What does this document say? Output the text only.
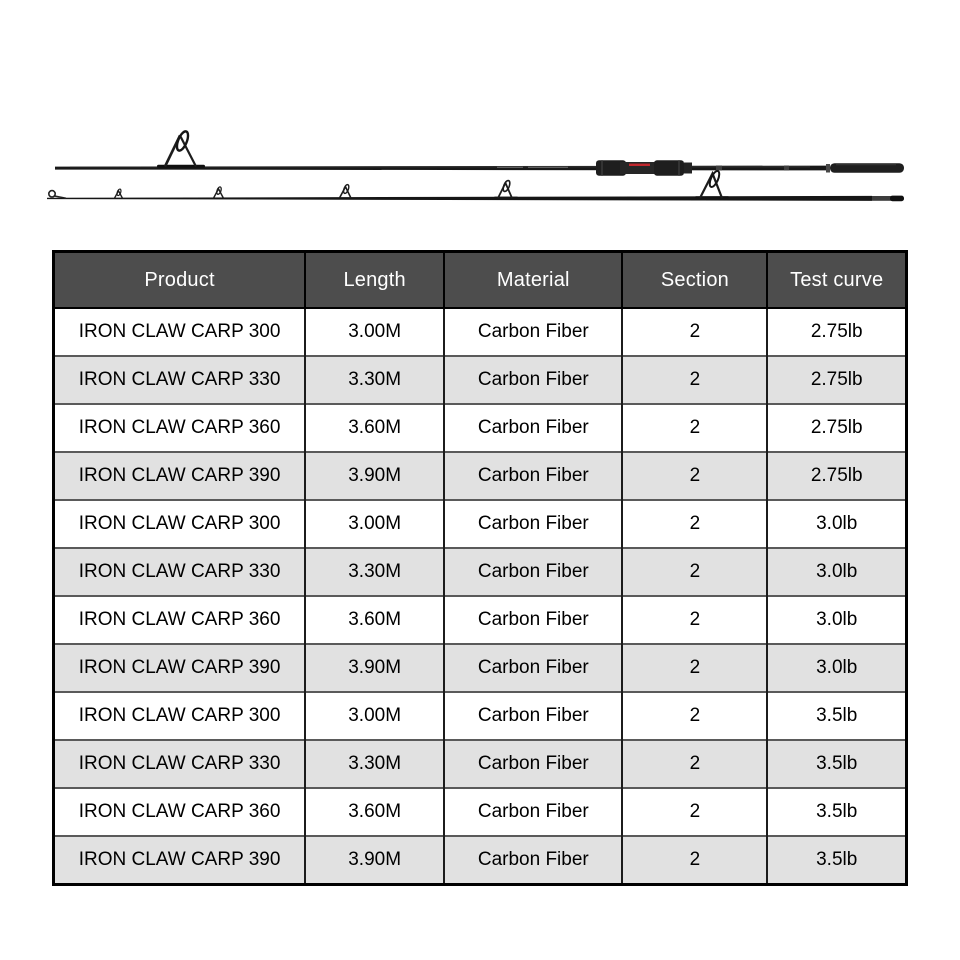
Product	Length	Material	Section	Test curve
IRON CLAW CARP 300	3.00M	Carbon Fiber	2	2.75lb
IRON CLAW CARP 330	3.30M	Carbon Fiber	2	2.75lb
IRON CLAW CARP 360	3.60M	Carbon Fiber	2	2.75lb
IRON CLAW CARP 390	3.90M	Carbon Fiber	2	2.75lb
IRON CLAW CARP 300	3.00M	Carbon Fiber	2	3.0lb
IRON CLAW CARP 330	3.30M	Carbon Fiber	2	3.0lb
IRON CLAW CARP 360	3.60M	Carbon Fiber	2	3.0lb
IRON CLAW CARP 390	3.90M	Carbon Fiber	2	3.0lb
IRON CLAW CARP 300	3.00M	Carbon Fiber	2	3.5lb
IRON CLAW CARP 330	3.30M	Carbon Fiber	2	3.5lb
IRON CLAW CARP 360	3.60M	Carbon Fiber	2	3.5lb
IRON CLAW CARP 390	3.90M	Carbon Fiber	2	3.5lb
